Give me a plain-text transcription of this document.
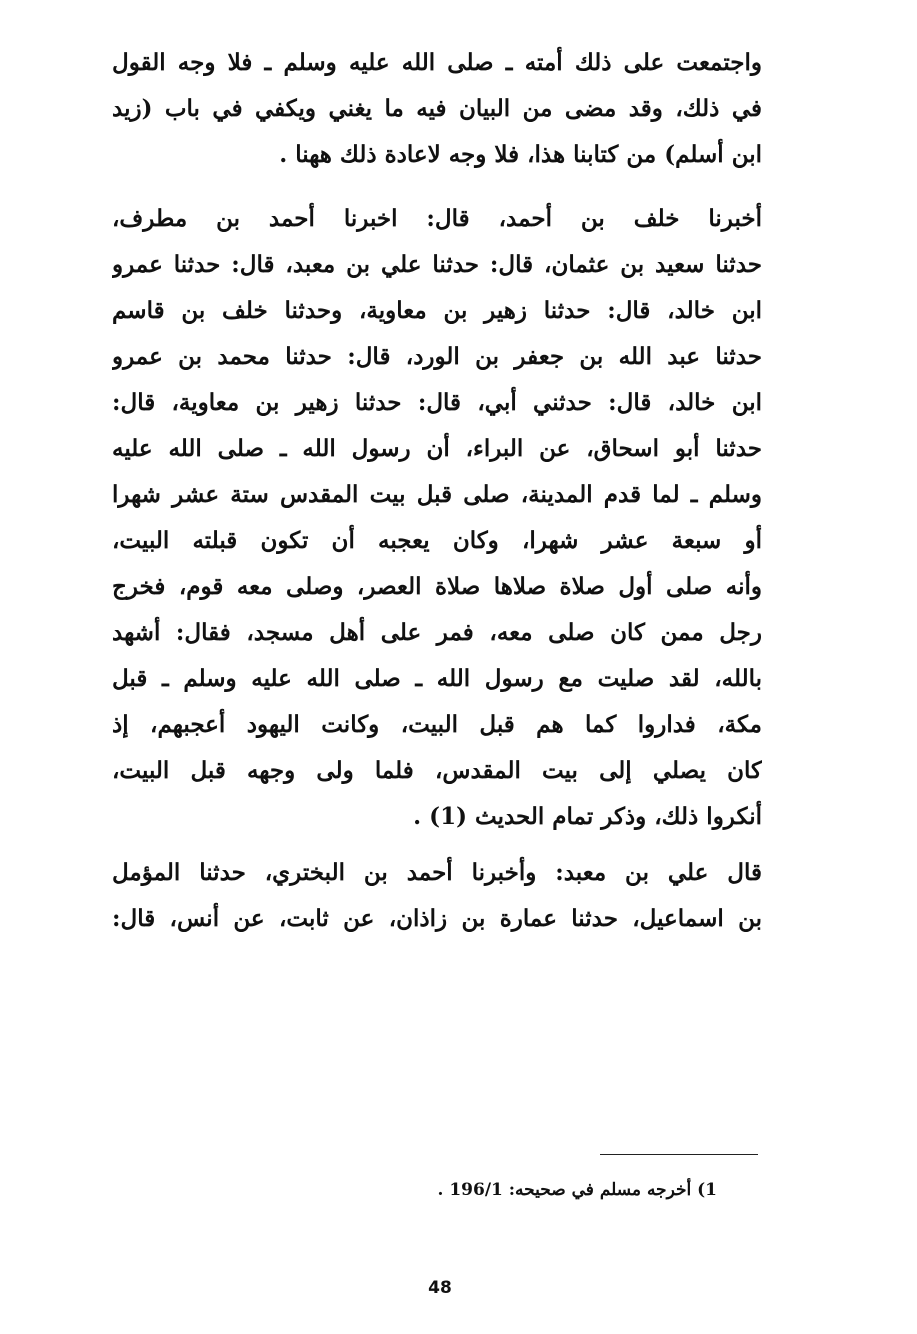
واجتمعت على ذلك أمته ـ صلى الله عليه وسلم ـ فلا وجه القول
في ذلك، وقد مضى من البيان فيه ما يغني ويكفي في باب (زيد
ابن أسلم) من كتابنا هذا، فلا وجه لاعادة ذلك ههنا .
أخبرنا خلف بن أحمد، قال: اخبرنا أحمد بن مطرف،
حدثنا سعيد بن عثمان، قال: حدثنا علي بن معبد، قال: حدثنا عمرو
ابن خالد، قال: حدثنا زهير بن معاوية، وحدثنا خلف بن قاسم
حدثنا عبد الله بن جعفر بن الورد، قال: حدثنا محمد بن عمرو
ابن خالد، قال: حدثني أبي، قال: حدثنا زهير بن معاوية، قال:
حدثنا أبو اسحاق، عن البراء، أن رسول الله ـ صلى الله عليه
وسلم ـ لما قدم المدينة، صلى قبل بيت المقدس ستة عشر شهرا
أو سبعة عشر شهرا، وكان يعجبه أن تكون قبلته البيت،
وأنه صلى أول صلاة صلاها صلاة العصر، وصلى معه قوم، فخرج
رجل ممن كان صلى معه، فمر على أهل مسجد، فقال: أشهد
بالله، لقد صليت مع رسول الله ـ صلى الله عليه وسلم ـ قبل
مكة، فداروا كما هم قبل البيت، وكانت اليهود أعجبهم، إذ
كان يصلي إلى بيت المقدس، فلما ولى وجهه قبل البيت،
أنكروا ذلك، وذكر تمام الحديث (1) .
قال علي بن معبد: وأخبرنا أحمد بن البختري، حدثنا المؤمل
بن اسماعيل، حدثنا عمارة بن زاذان، عن ثابت، عن أنس، قال:
1) أخرجه مسلم في صحيحه: 196/1 .
48
